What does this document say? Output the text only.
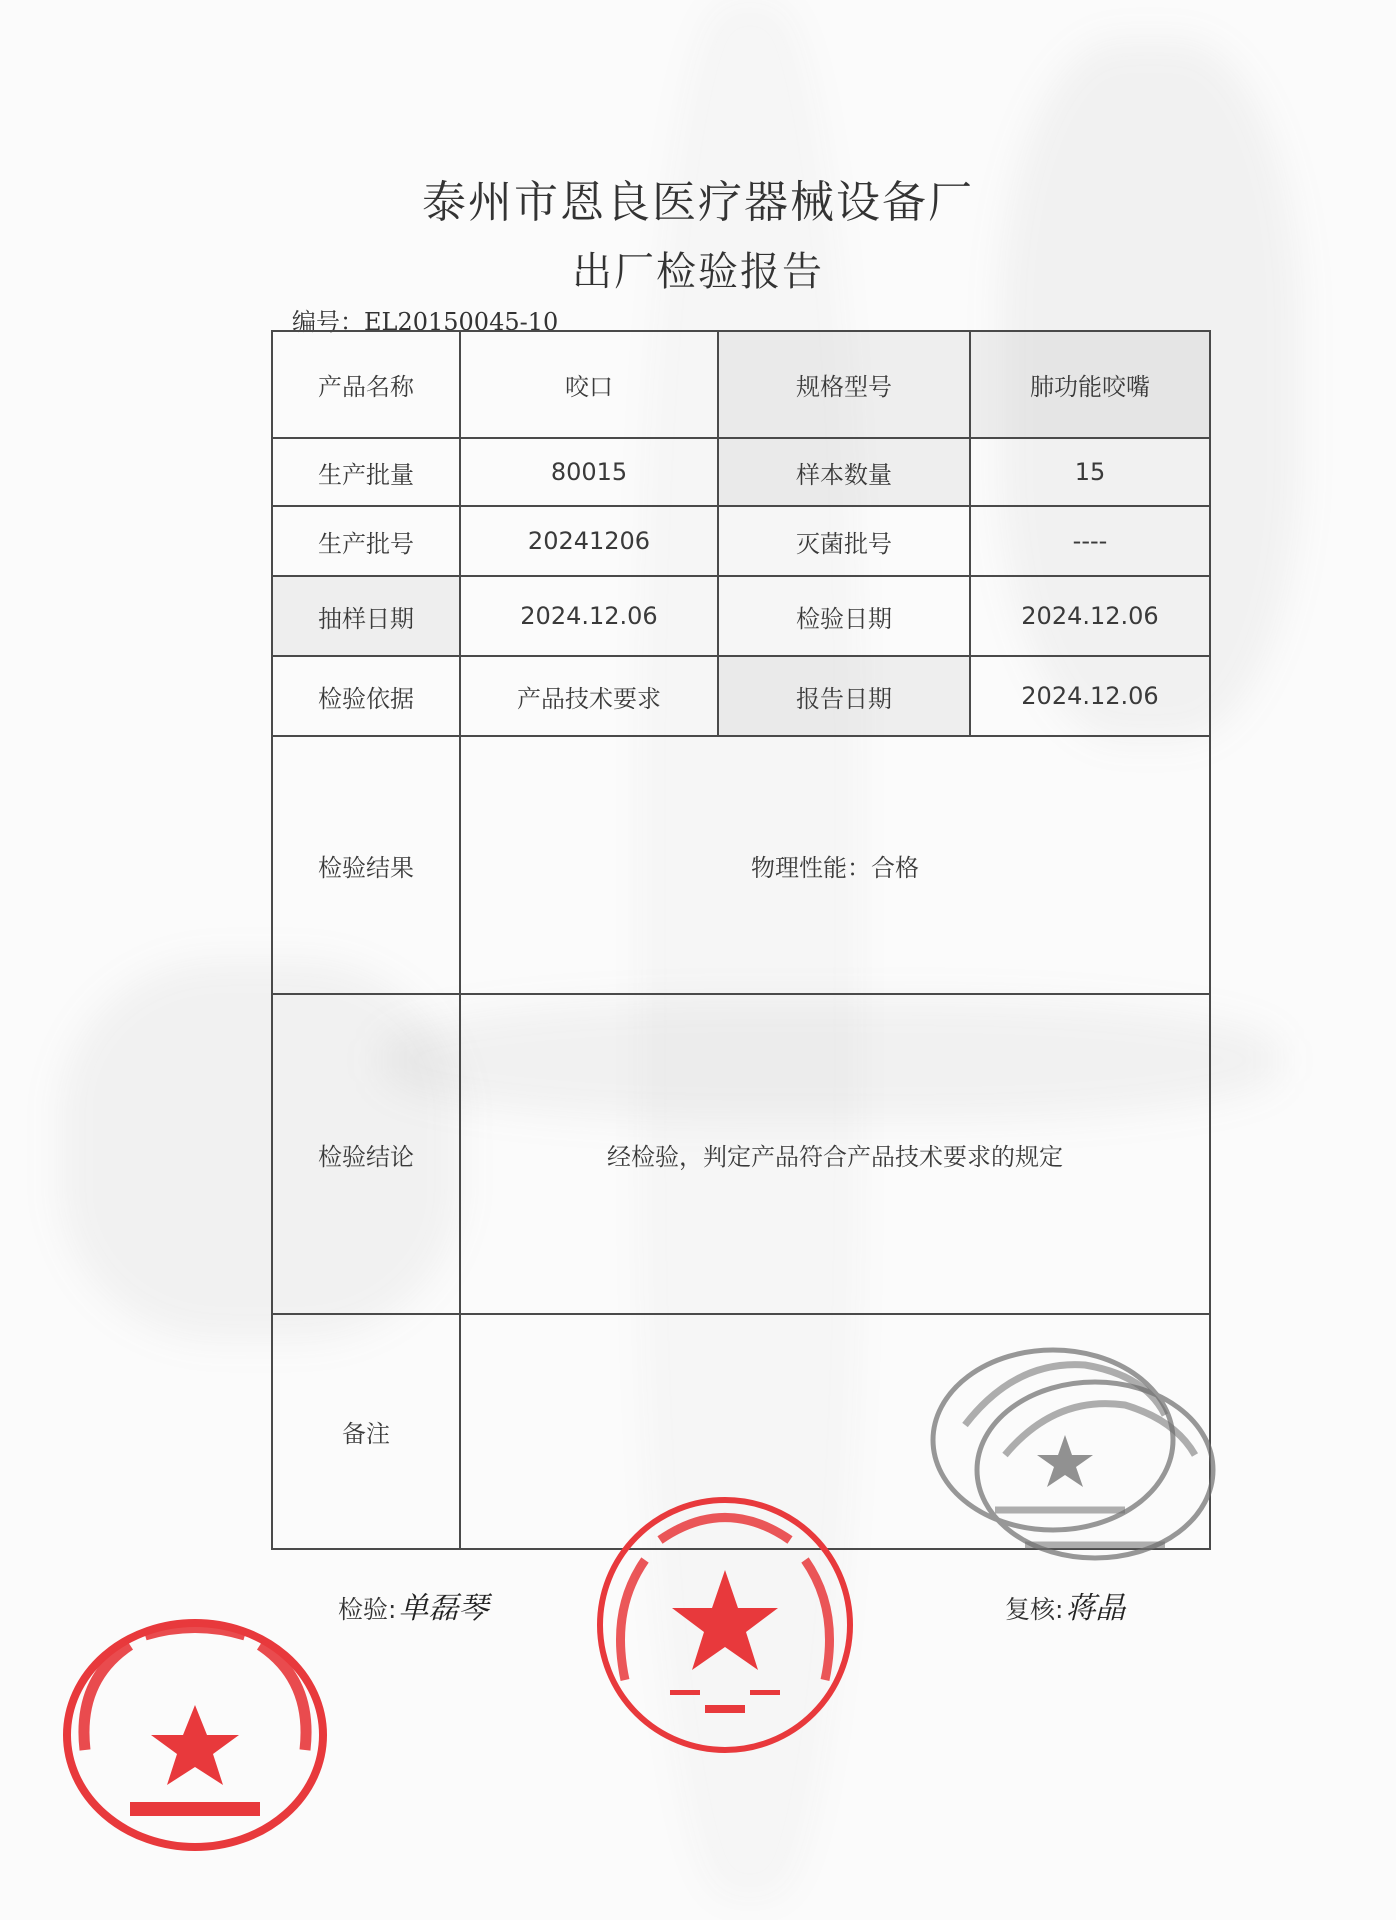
泰州市恩良医疗器械设备厂
出厂检验报告
编号：EL20150045-10
产品名称	咬口	规格型号	肺功能咬嘴
生产批量	80015	样本数量	15
生产批号	20241206	灭菌批号	----
抽样日期	2024.12.06	检验日期	2024.12.06
检验依据	产品技术要求	报告日期	2024.12.06
检验结果	物理性能：合格		
检验结论	经检验，判定产品符合产品技术要求的规定		
备注			
检验:单磊琴	复核:蒋晶
